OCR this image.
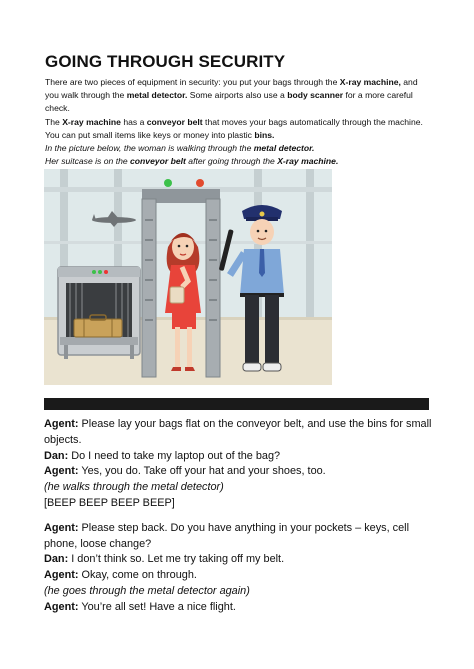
GOING THROUGH SECURITY

There are two pieces of equipment in security: you put your bags through the X-ray machine, and you walk through the metal detector. Some airports also use a body scanner for a more careful check.

The X-ray machine has a conveyor belt that moves your bags automatically through the machine. You can put small items like keys or money into plastic bins.

In the picture below, the woman is walking through the metal detector.

Her suitcase is on the conveyor belt after going through the X-ray machine.

Agent: Please lay your bags flat on the conveyor belt, and use the bins for small objects.

Dan: Do I need to take my laptop out of the bag?

Agent: Yes, you do. Take off your hat and your shoes, too.

(he walks through the metal detector)

[BEEP BEEP BEEP BEEP]

Agent: Please step back. Do you have anything in your pockets – keys, cell phone, loose change?

Dan: I don’t think so. Let me try taking off my belt.

Agent: Okay, come on through.

(he goes through the metal detector again)

Agent: You’re all set! Have a nice flight.
